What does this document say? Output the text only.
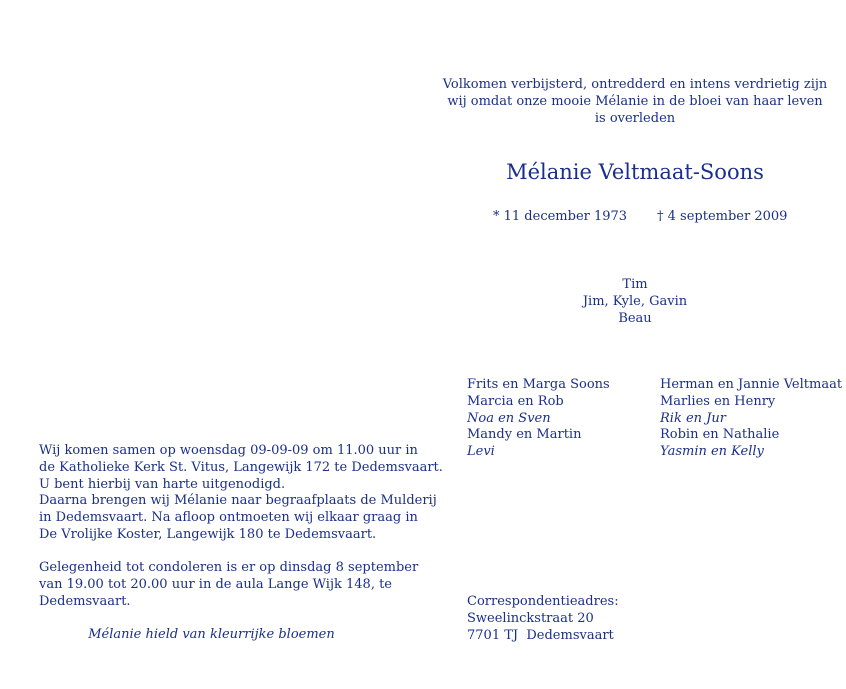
Volkomen verbijsterd, ontredderd en intens verdrietig zijn
wij omdat onze mooie Mélanie in de bloei van haar leven
is overleden
Mélanie Veltmaat-Soons
* 11 december 1973 † 4 september 2009
Tim
Jim, Kyle, Gavin
Beau
Frits en Marga Soons
Marcia en Rob
Noa en Sven
Mandy en Martin
Levi
Herman en Jannie Veltmaat
Marlies en Henry
Rik en Jur
Robin en Nathalie
Yasmin en Kelly
Wij komen samen op woensdag 09-09-09 om 11.00 uur in
de Katholieke Kerk St. Vitus, Langewijk 172 te Dedemsvaart.
U bent hierbij van harte uitgenodigd.
Daarna brengen wij Mélanie naar begraafplaats de Mulderij
in Dedemsvaart. Na afloop ontmoeten wij elkaar graag in
De Vrolijke Koster, Langewijk 180 te Dedemsvaart.
Gelegenheid tot condoleren is er op dinsdag 8 september
van 19.00 tot 20.00 uur in de aula Lange Wijk 148, te
Dedemsvaart.
Mélanie hield van kleurrijke bloemen
Correspondentieadres:
Sweelinckstraat 20
7701 TJ  Dedemsvaart
